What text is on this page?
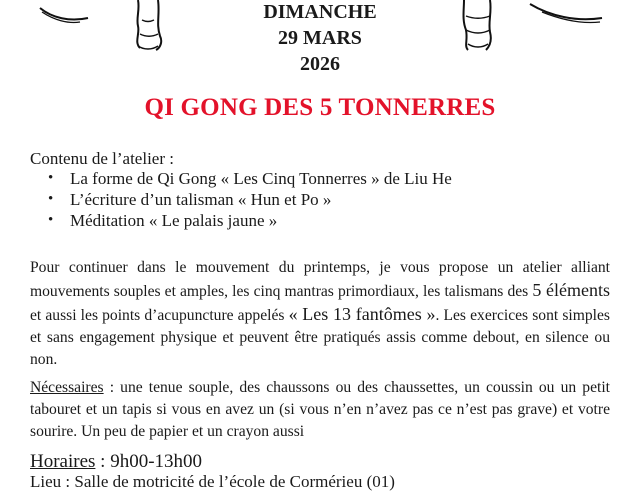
DIMANCHE
29 MARS
2026
QI GONG DES 5 TONNERRES
Contenu de l’atelier :
• La forme de Qi Gong « Les Cinq Tonnerres » de Liu He
• L’écriture d’un talisman « Hun et Po »
• Méditation « Le palais jaune »
Pour continuer dans le mouvement du printemps, je vous propose un atelier alliant mouvements souples et amples, les cinq mantras primordiaux, les talismans des 5 éléments et aussi les points d’acupuncture appelés « Les 13 fantômes ». Les exercices sont simples et sans engagement physique et peuvent être pratiqués assis comme debout, en silence ou non.
Nécessaires : une tenue souple, des chaussons ou des chaussettes, un coussin ou un petit tabouret et un tapis si vous en avez un (si vous n’en n’avez pas ce n’est pas grave) et votre sourire. Un peu de papier et un crayon aussi
Horaires : 9h00-13h00
Lieu : Salle de motricité de l’école de Cormérieu (01)
